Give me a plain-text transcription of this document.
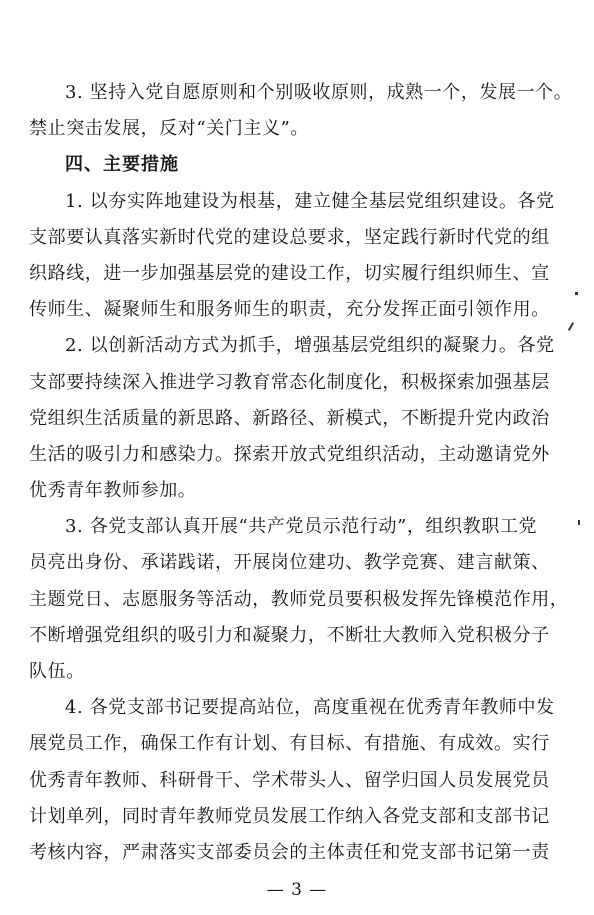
3. 坚持入党自愿原则和个别吸收原则，成熟一个，发展一个。
禁止突击发展，反对“关门主义”。
四、主要措施
1. 以夯实阵地建设为根基，建立健全基层党组织建设。各党
支部要认真落实新时代党的建设总要求，坚定践行新时代党的组
织路线，进一步加强基层党的建设工作，切实履行组织师生、宣
传师生、凝聚师生和服务师生的职责，充分发挥正面引领作用。
2. 以创新活动方式为抓手，增强基层党组织的凝聚力。各党
支部要持续深入推进学习教育常态化制度化，积极探索加强基层
党组织生活质量的新思路、新路径、新模式，不断提升党内政治
生活的吸引力和感染力。探索开放式党组织活动，主动邀请党外
优秀青年教师参加。
3. 各党支部认真开展“共产党员示范行动”，组织教职工党
员亮出身份、承诺践诺，开展岗位建功、教学竞赛、建言献策、
主题党日、志愿服务等活动，教师党员要积极发挥先锋模范作用，
不断增强党组织的吸引力和凝聚力，不断壮大教师入党积极分子
队伍。
4. 各党支部书记要提高站位，高度重视在优秀青年教师中发
展党员工作，确保工作有计划、有目标、有措施、有成效。实行
优秀青年教师、科研骨干、学术带头人、留学归国人员发展党员
计划单列，同时青年教师党员发展工作纳入各党支部和支部书记
考核内容，严肃落实支部委员会的主体责任和党支部书记第一责
— 3 —
